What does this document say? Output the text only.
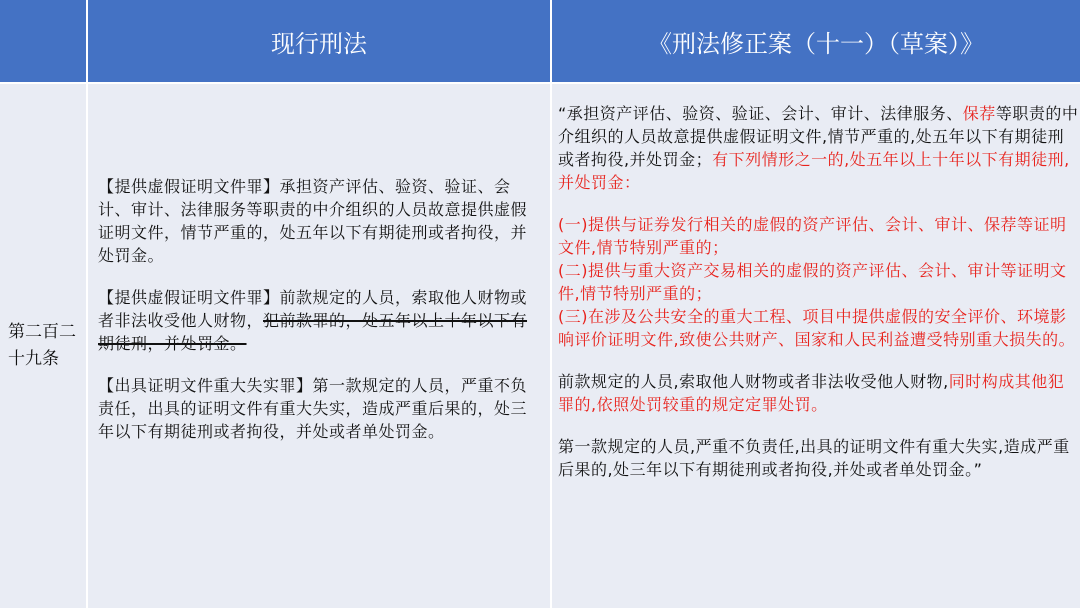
现行刑法	《刑法修正案（十一）（草案）》
第二百二十九条

【提供虚假证明文件罪】承担资产评估、验资、验证、会计、审计、法律服务等职责的中介组织的人员故意提供虚假证明文件，情节严重的，处五年以下有期徒刑或者拘役，并处罚金。

【提供虚假证明文件罪】前款规定的人员，索取他人财物或者非法收受他人财物，犯前款罪的，处五年以上十年以下有期徒刑，并处罚金。

【出具证明文件重大失实罪】第一款规定的人员，严重不负责任，出具的证明文件有重大失实，造成严重后果的，处三年以下有期徒刑或者拘役，并处或者单处罚金。

“承担资产评估、验资、验证、会计、审计、法律服务、保荐等职责的中介组织的人员故意提供虚假证明文件,情节严重的,处五年以下有期徒刑或者拘役,并处罚金；有下列情形之一的,处五年以上十年以下有期徒刑,并处罚金：

(一)提供与证券发行相关的虚假的资产评估、会计、审计、保荐等证明文件,情节特别严重的；

(二)提供与重大资产交易相关的虚假的资产评估、会计、审计等证明文件,情节特别严重的；

(三)在涉及公共安全的重大工程、项目中提供虚假的安全评价、环境影响评价证明文件,致使公共财产、国家和人民利益遭受特别重大损失的。

前款规定的人员,索取他人财物或者非法收受他人财物,同时构成其他犯罪的,依照处罚较重的规定定罪处罚。

第一款规定的人员,严重不负责任,出具的证明文件有重大失实,造成严重后果的,处三年以下有期徒刑或者拘役,并处或者单处罚金。”
